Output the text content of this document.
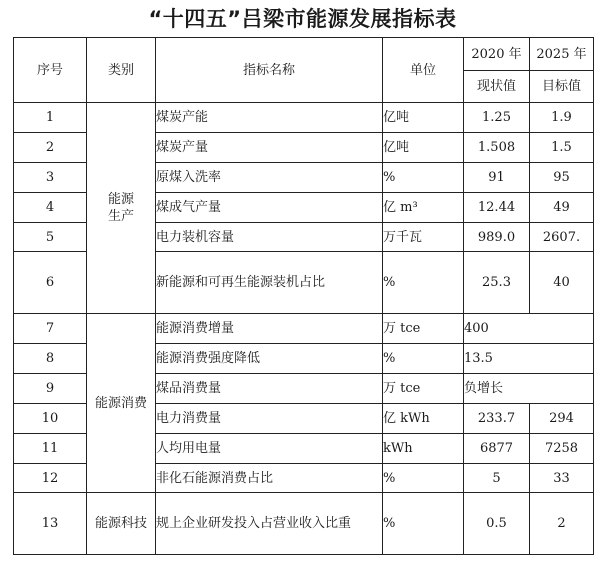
“十四五”吕梁市能源发展指标表
序号	类别	指标名称	单位	2020 年	2025 年
				现状值	目标值
1	能源生产	煤炭产能	亿吨	1.25	1.9
2		煤炭产量	亿吨	1.508	1.5
3		原煤入洗率	%	91	95
4		煤成气产量	亿 m³	12.44	49
5		电力装机容量	万千瓦	989.0	2607.
6		新能源和可再生能源装机占比	%	25.3	40
7	能源消费	能源消费增量	万 tce	400	
8		能源消费强度降低	%	13.5	
9		煤品消费量	万 tce	负增长	
10		电力消费量	亿 kWh	233.7	294
11		人均用电量	kWh	6877	7258
12		非化石能源消费占比	%	5	33
13	能源科技	规上企业研发投入占营业收入比重	%	0.5	2
